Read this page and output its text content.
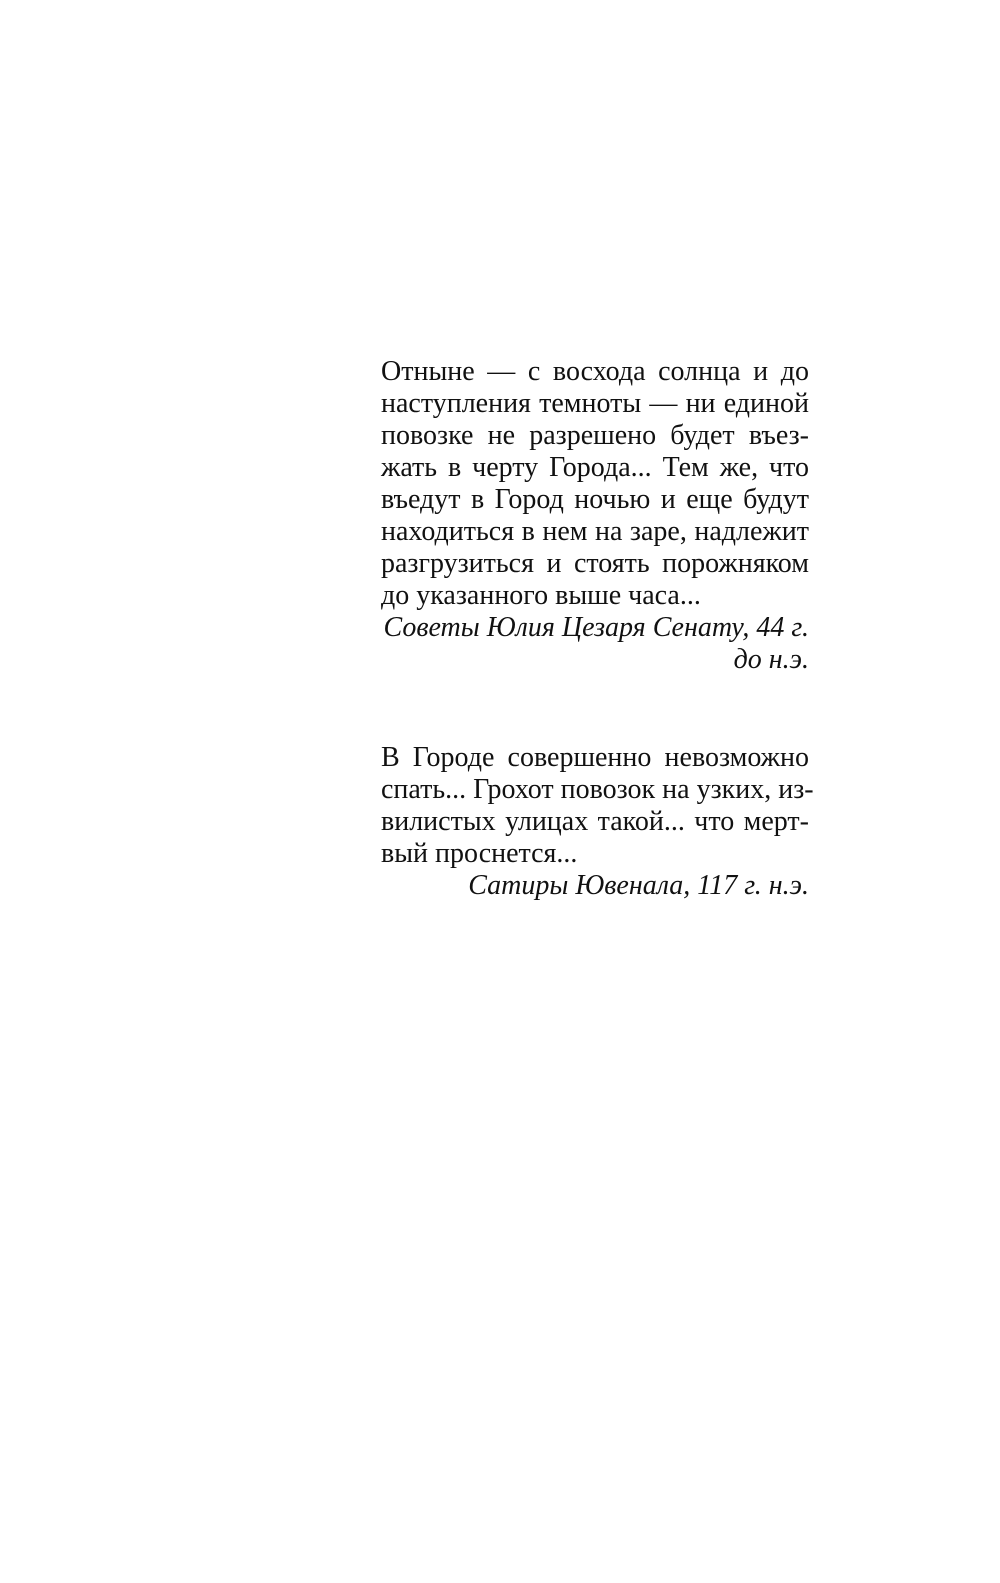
Отныне — с восхода солнца и до
наступления темноты — ни единой
повозке не разрешено будет въез-
жать в черту Города... Тем же, что
въедут в Город ночью и еще будут
находиться в нем на заре, надлежит
разгрузиться и стоять порожняком
до указанного выше часа...
Советы Юлия Цезаря Сенату, 44 г.
до н.э.
В Городе совершенно невозможно
спать... Грохот повозок на узких, из-
вилистых улицах такой... что мерт-
вый проснется...
Сатиры Ювенала, 117 г. н.э.
